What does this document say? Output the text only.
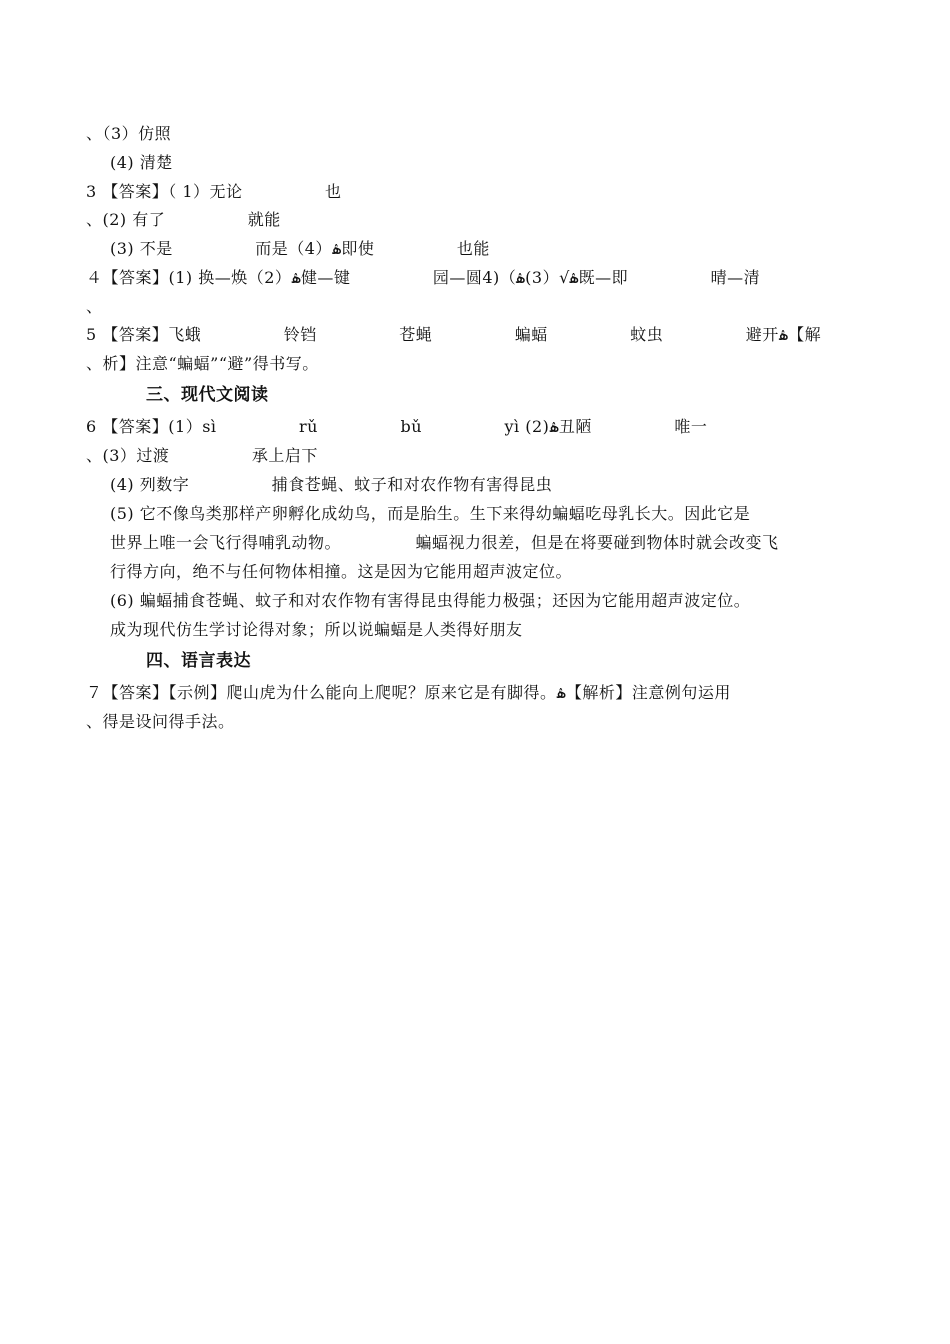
、（3）仿照
(4) 清楚
3 【答案】（ 1）无论　　　　　也
、(2) 有了　　　　　就能
(3) 不是　　　　　而是（4）ۿ即使　　　　　也能
４【答案】(1) 换—焕（2）ۿ健—键　　　　　园—圆4)ۿ√（3)ۿ）既—即　　　　　晴—清
、
5 【答案】飞蛾　　　　　铃铛　　　　　苍蝇　　　　　蝙蝠　　　　　蚊虫　　　　　避开ۿ【解
、析】注意“蝙蝠”“避”得书写。
三、现代文阅读
6 【答案】(1）sì　　　　　rǔ　　　　　bǔ　　　　　yì (2)ۿ丑陋　　　　　唯一
、(3）过渡　　　　　承上启下
(4) 列数字　　　　　捕食苍蝇、蚊子和对农作物有害得昆虫
(5) 它不像鸟类那样产卵孵化成幼鸟，而是胎生。生下来得幼蝙蝠吃母乳长大。因此它是
世界上唯一会飞行得哺乳动物。　　　　　蝙蝠视力很差，但是在将要碰到物体时就会改变飞
行得方向，绝不与任何物体相撞。这是因为它能用超声波定位。
(6) 蝙蝠捕食苍蝇、蚊子和对农作物有害得昆虫得能力极强；还因为它能用超声波定位。
成为现代仿生学讨论得对象；所以说蝙蝠是人类得好朋友
四、语言表达
７【答案】【示例】爬山虎为什么能向上爬呢？原来它是有脚得。ۿ【解析】注意例句运用
、得是设问得手法。
